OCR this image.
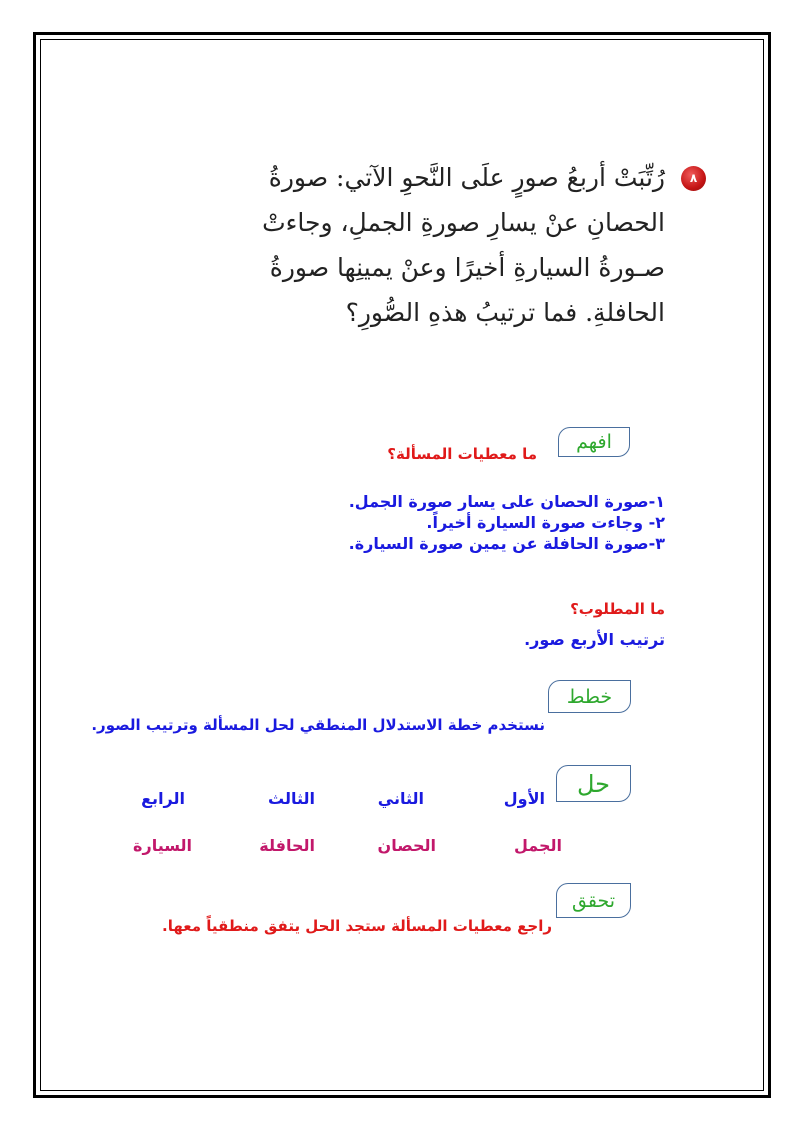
٨
رُتِّبَتْ أربعُ صورٍ علَى النَّحوِ الآتي: صورةُ
الحصانِ عنْ يسارِ صورةِ الجملِ، وجاءتْ
صـورةُ السيارةِ أخيرًا وعنْ يمينِها صورةُ
الحافلةِ. فما ترتيبُ هذهِ الصُّورِ؟
افهم
ما معطيات المسألة؟
١-صورة الحصان على يسار صورة الجمل.
٢- وجاءت صورة السيارة أخيراً.
٣-صورة الحافلة عن يمين صورة السيارة.
ما المطلوب؟
ترتيب الأربع صور.
خطط
نستخدم خطة الاستدلال المنطقي لحل المسألة وترتيب الصور.
حل
الأول
الثاني
الثالث
الرابع
الجمل
الحصان
الحافلة
السيارة
تحقق
راجع معطيات المسألة ستجد الحل يتفق منطقياً معها.
